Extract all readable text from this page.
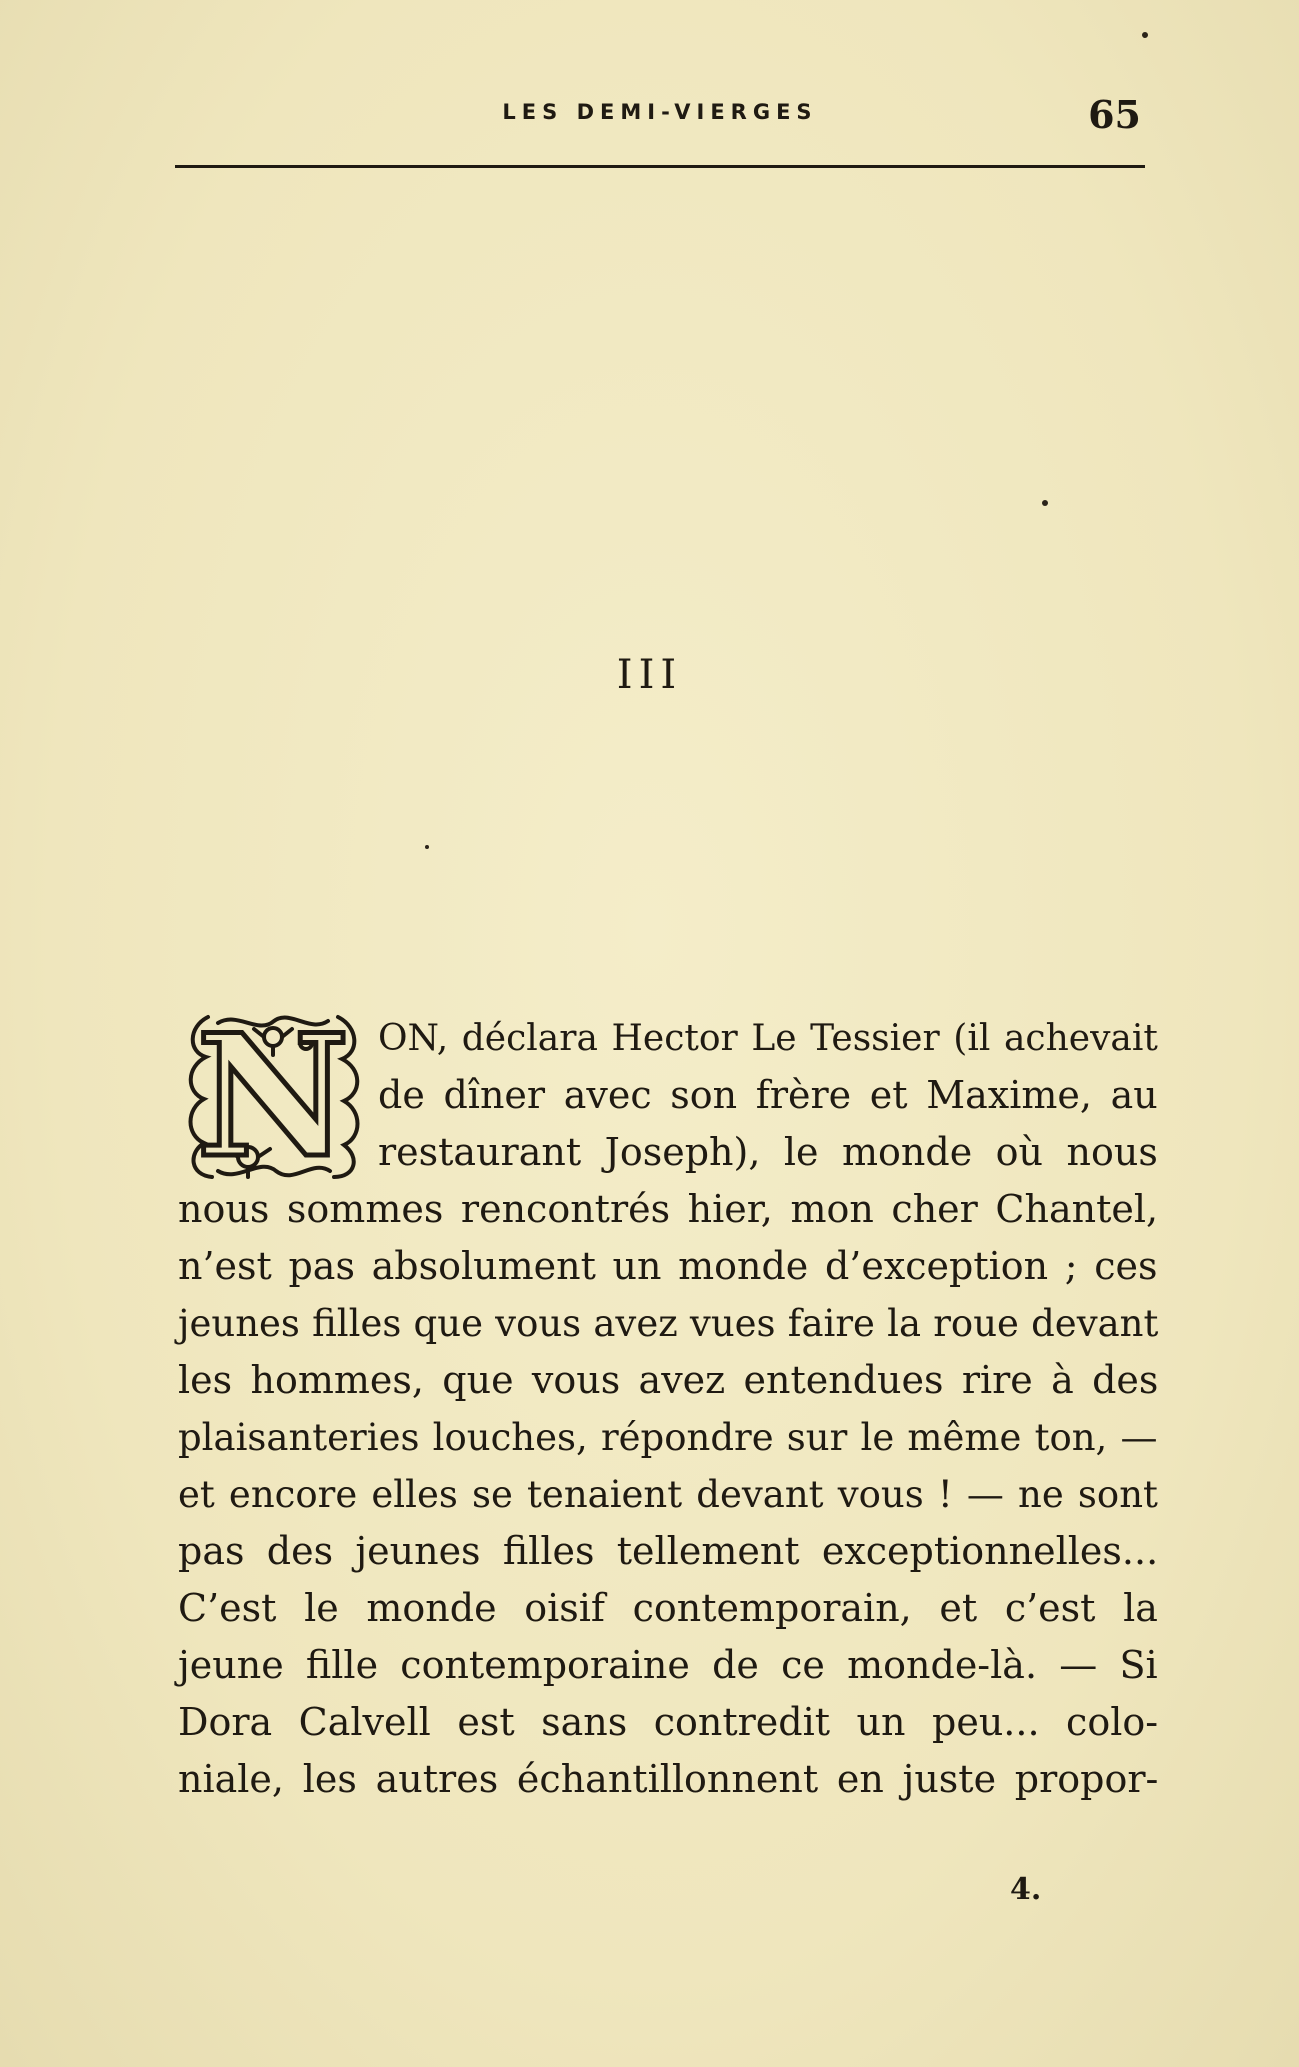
LES DEMI-VIERGES	65
III
N ON, déclara Hector Le Tessier (il achevait
de dîner avec son frère et Maxime, au
restaurant Joseph), le monde où nous
nous sommes rencontrés hier, mon cher Chantel,
n’est pas absolument un monde d’exception ; ces
jeunes filles que vous avez vues faire la roue devant
les hommes, que vous avez entendues rire à des
plaisanteries louches, répondre sur le même ton, —
et encore elles se tenaient devant vous ! — ne sont
pas des jeunes filles tellement exceptionnelles...
C’est le monde oisif contemporain, et c’est la
jeune fille contemporaine de ce monde-là. — Si
Dora Calvell est sans contredit un peu... colo-
niale, les autres échantillonnent en juste propor-
4.
